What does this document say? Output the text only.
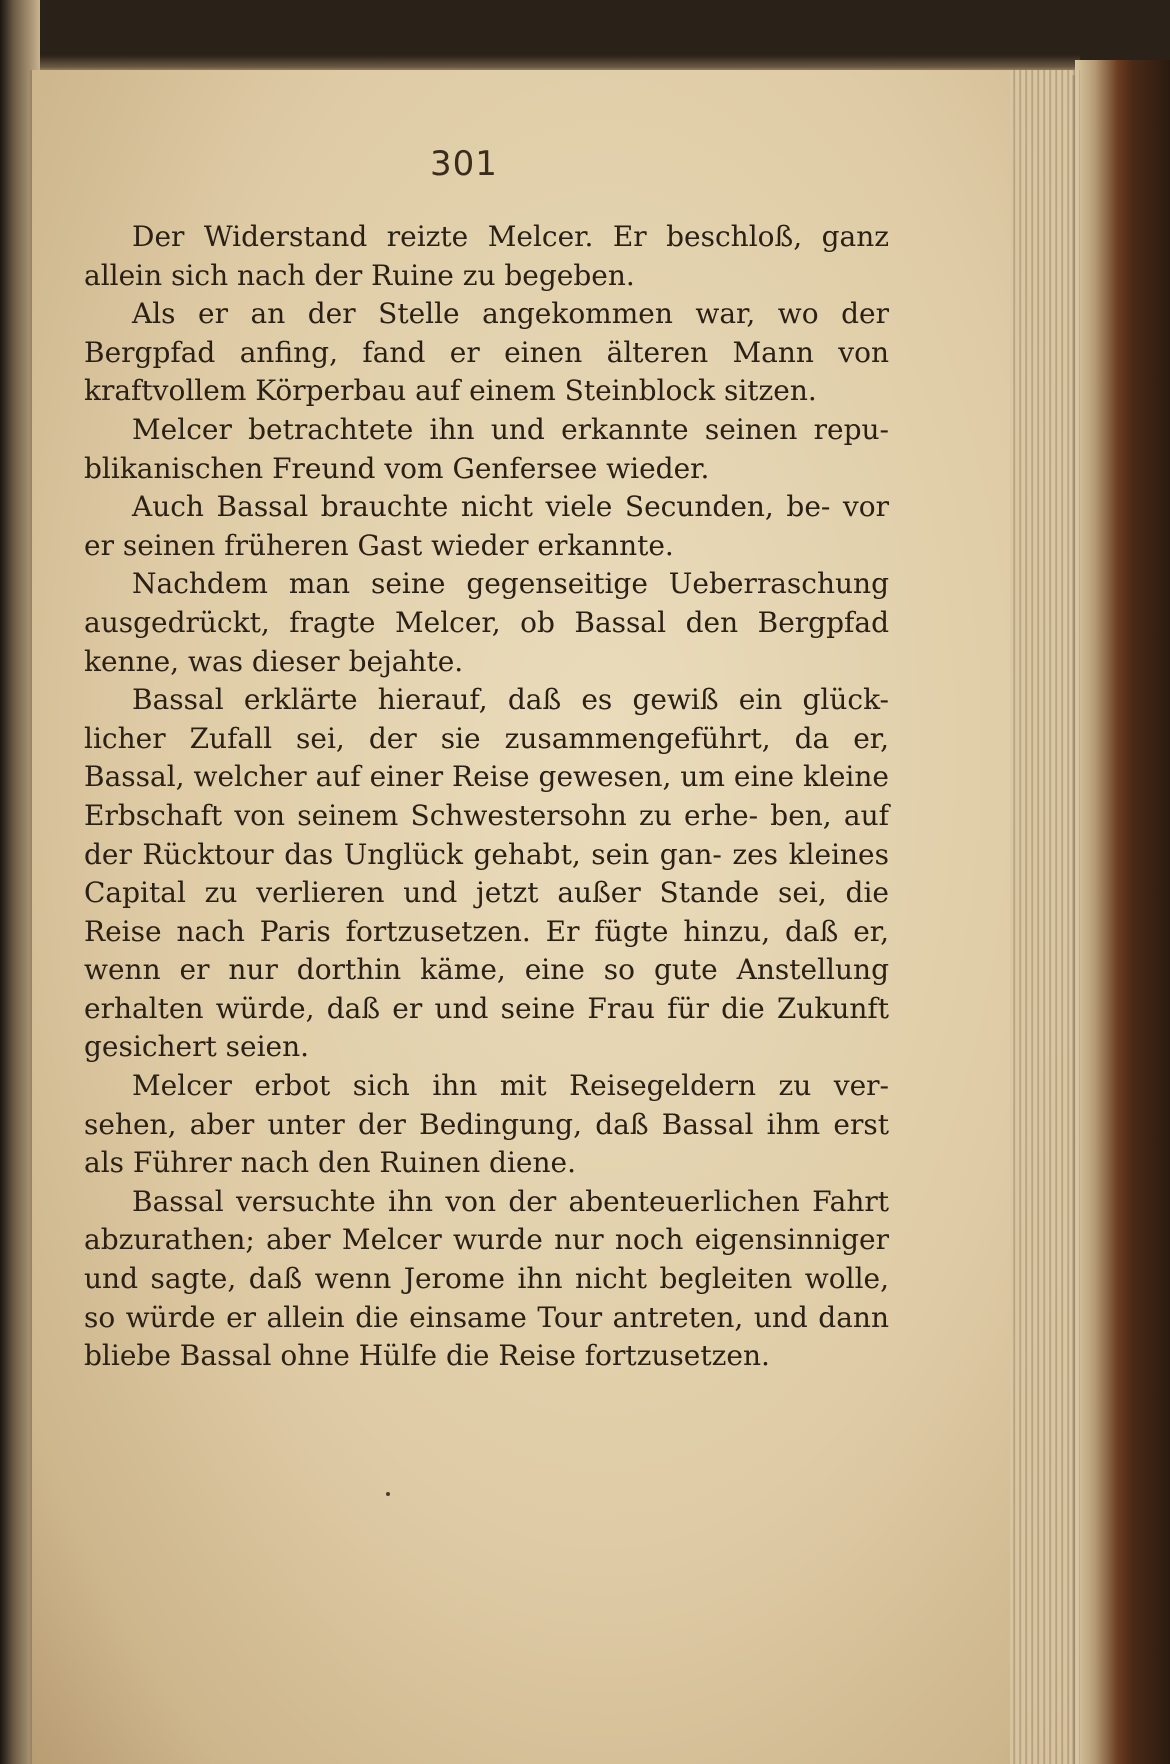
301

Der Widerstand reizte Melcer. Er beschloß, ganz allein sich nach der Ruine zu begeben.

Als er an der Stelle angekommen war, wo der Bergpfad anfing, fand er einen älteren Mann von kraftvollem Körperbau auf einem Steinblock sitzen.

Melcer betrachtete ihn und erkannte seinen repu- blikanischen Freund vom Genfersee wieder.

Auch Bassal brauchte nicht viele Secunden, be- vor er seinen früheren Gast wieder erkannte.

Nachdem man seine gegenseitige Ueberraschung ausgedrückt, fragte Melcer, ob Bassal den Bergpfad kenne, was dieser bejahte.

Bassal erklärte hierauf, daß es gewiß ein glück- licher Zufall sei, der sie zusammengeführt, da er, Bassal, welcher auf einer Reise gewesen, um eine kleine Erbschaft von seinem Schwestersohn zu erhe- ben, auf der Rücktour das Unglück gehabt, sein gan- zes kleines Capital zu verlieren und jetzt außer Stande sei, die Reise nach Paris fortzusetzen. Er fügte hinzu, daß er, wenn er nur dorthin käme, eine so gute Anstellung erhalten würde, daß er und seine Frau für die Zukunft gesichert seien.

Melcer erbot sich ihn mit Reisegeldern zu ver- sehen, aber unter der Bedingung, daß Bassal ihm erst als Führer nach den Ruinen diene.

Bassal versuchte ihn von der abenteuerlichen Fahrt abzurathen; aber Melcer wurde nur noch eigensinniger und sagte, daß wenn Jerome ihn nicht begleiten wolle, so würde er allein die einsame Tour antreten, und dann bliebe Bassal ohne Hülfe die Reise fortzusetzen.
